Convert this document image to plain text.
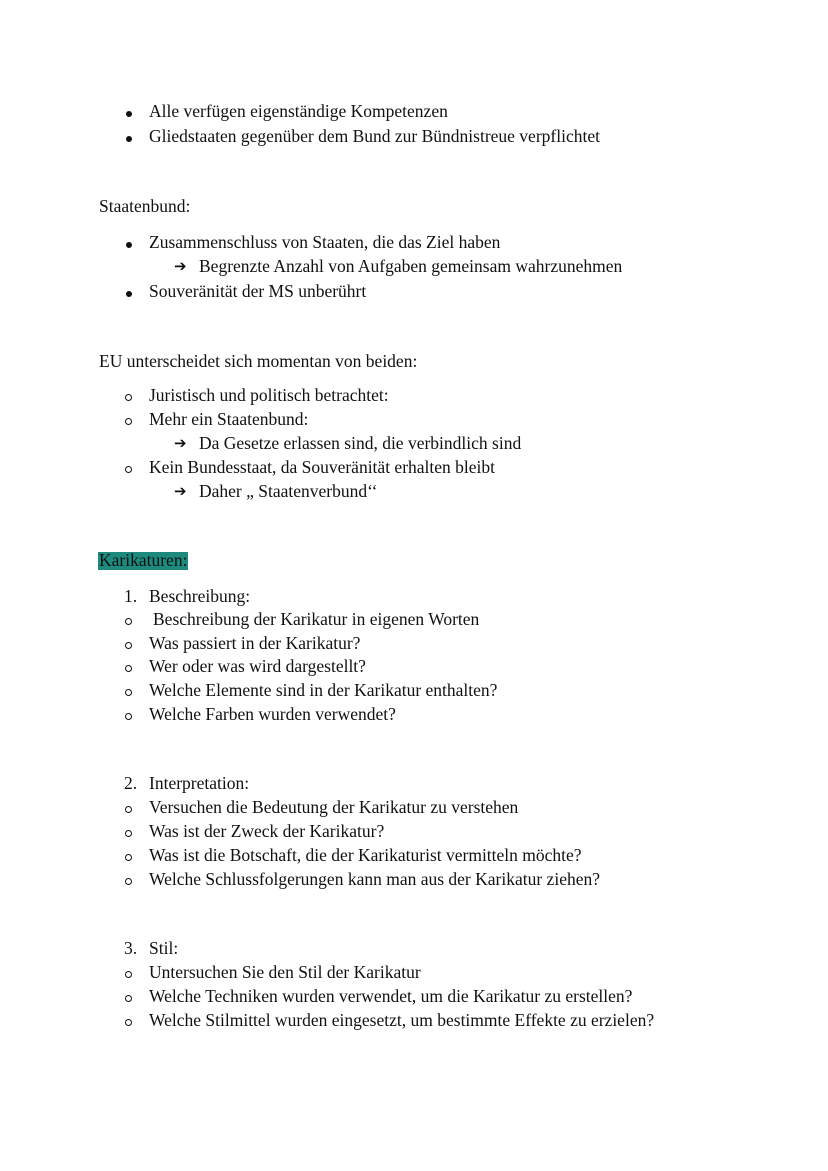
Alle verfügen eigenständige Kompetenzen
Gliedstaaten gegenüber dem Bund zur Bündnistreue verpflichtet
Staatenbund:
Zusammenschluss von Staaten, die das Ziel haben
➔ Begrenzte Anzahl von Aufgaben gemeinsam wahrzunehmen
Souveränität der MS unberührt
EU unterscheidet sich momentan von beiden:
Juristisch und politisch betrachtet:
Mehr ein Staatenbund:
➔ Da Gesetze erlassen sind, die verbindlich sind
Kein Bundesstaat, da Souveränität erhalten bleibt
➔ Daher „ Staatenverbund‘‘
Karikaturen:
1. Beschreibung:
Beschreibung der Karikatur in eigenen Worten
Was passiert in der Karikatur?
Wer oder was wird dargestellt?
Welche Elemente sind in der Karikatur enthalten?
Welche Farben wurden verwendet?
2. Interpretation:
Versuchen die Bedeutung der Karikatur zu verstehen
Was ist der Zweck der Karikatur?
Was ist die Botschaft, die der Karikaturist vermitteln möchte?
Welche Schlussfolgerungen kann man aus der Karikatur ziehen?
3. Stil:
Untersuchen Sie den Stil der Karikatur
Welche Techniken wurden verwendet, um die Karikatur zu erstellen?
Welche Stilmittel wurden eingesetzt, um bestimmte Effekte zu erzielen?
